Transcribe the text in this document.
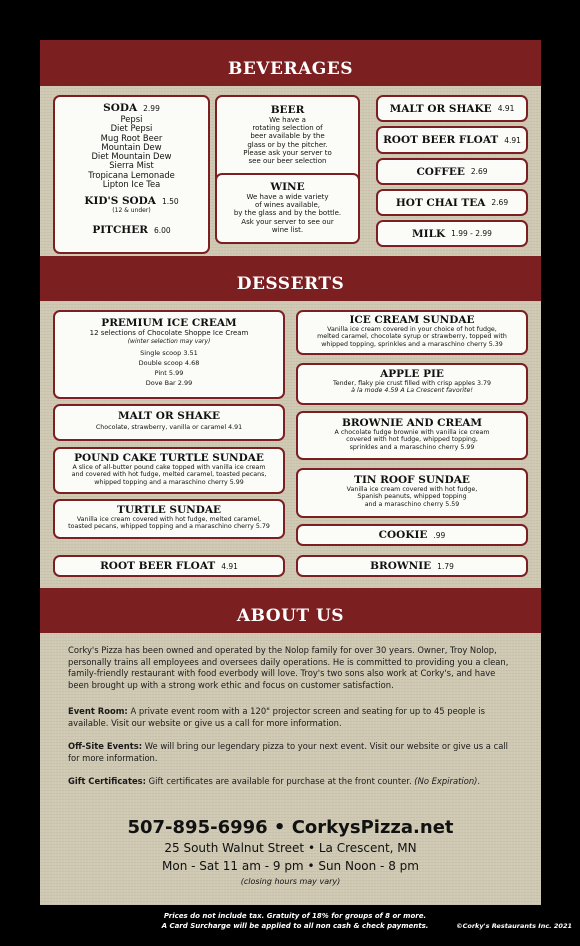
BEVERAGES
SODA 2.99
Pepsi
Diet Pepsi
Mug Root Beer
Mountain Dew
Diet Mountain Dew
Sierra Mist
Tropicana Lemonade
Lipton Ice Tea
KID'S SODA 1.50
(12 & under)
PITCHER 6.00
BEER
We have a
rotating selection of
beer available by the
glass or by the pitcher.
Please ask your server to
see our beer selection
WINE
We have a wide variety
of wines available,
by the glass and by the bottle.
Ask your server to see our
wine list.
MALT OR SHAKE 4.91
ROOT BEER FLOAT 4.91
COFFEE 2.69
HOT CHAI TEA 2.69
MILK 1.99 - 2.99
DESSERTS
PREMIUM ICE CREAM
12 selections of Chocolate Shoppe Ice Cream
(winter selection may vary)
Single scoop 3.51
Double scoop 4.68
Pint 5.99
Dove Bar 2.99
MALT OR SHAKE
Chocolate, strawberry, vanilla or caramel 4.91
POUND CAKE TURTLE SUNDAE
A slice of all-butter pound cake topped with vanilla ice cream
and covered with hot fudge, melted caramel, toasted pecans,
whipped topping and a maraschino cherry 5.99
TURTLE SUNDAE
Vanilla ice cream covered with hot fudge, melted caramel,
toasted pecans, whipped topping and a maraschino cherry 5.79
ROOT BEER FLOAT 4.91
ICE CREAM SUNDAE
Vanilla ice cream covered in your choice of hot fudge,
melted caramel, chocolate syrup or strawberry, topped with
whipped topping, sprinkles and a maraschino cherry 5.39
APPLE PIE
Tender, flaky pie crust filled with crisp apples 3.79
à la mode 4.59 A La Crescent favorite!
BROWNIE AND CREAM
A chocolate fudge brownie with vanilla ice cream
covered with hot fudge, whipped topping,
sprinkles and a maraschino cherry 5.99
TIN ROOF SUNDAE
Vanilla ice cream covered with hot fudge,
Spanish peanuts, whipped topping
and a maraschino cherry 5.59
COOKIE .99
BROWNIE 1.79
ABOUT US

Corky's Pizza has been owned and operated by the Nolop family for over 30 years. Owner, Troy Nolop, personally trains all employees and oversees daily operations. He is committed to providing you a clean, family-friendly restaurant with food everbody will love. Troy's two sons also work at Corky's, and have been brought up with a strong work ethic and focus on customer satisfaction.

Event Room: A private event room with a 120" projector screen and seating for up to 45 people is available. Visit our website or give us a call for more information.

Off-Site Events: We will bring our legendary pizza to your next event. Visit our website or give us a call for more information.

Gift Certificates: Gift certificates are available for purchase at the front counter. (No Expiration).

507-895-6996 • CorkysPizza.net
25 South Walnut Street • La Crescent, MN
Mon - Sat 11 am - 9 pm • Sun Noon - 8 pm
(closing hours may vary)
Prices do not include tax. Gratuity of 18% for groups of 8 or more.
A Card Surcharge will be applied to all non cash & check payments.	©Corky's Restaurants Inc. 2021
